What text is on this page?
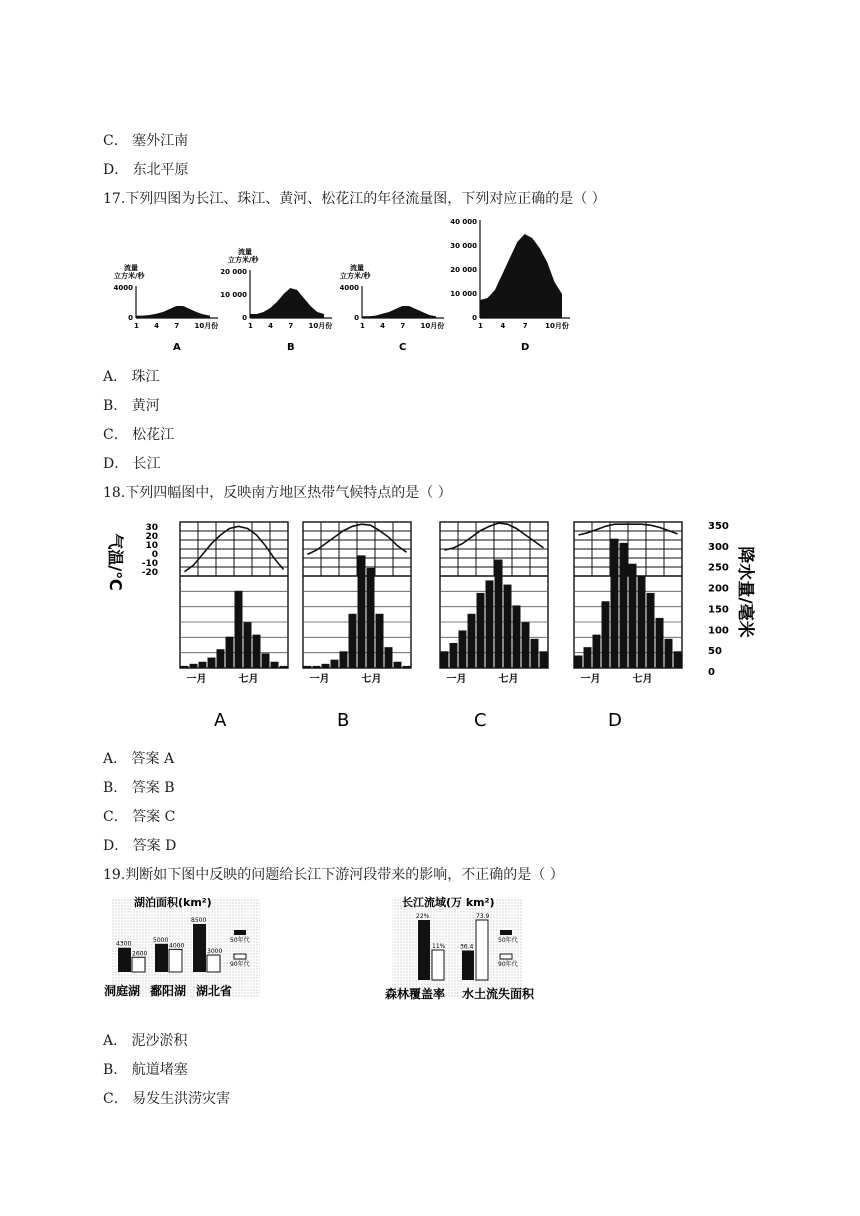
C． 塞外江南
D． 东北平原
17.下列四图为长江、珠江、黄河、松花江的年径流量图，下列对应正确的是（ ）
流量
立方米/秒
4000
0
1 4 7 10月份
A
流量
立方米/秒
20 000
10 000
0
1 4 7 10月份
B
流量
立方米/秒
4000
0
1 4 7 10月份
C
40 000
30 000
20 000
10 000
0
1 4 7 10月份
D
A． 珠江
B． 黄河
C． 松花江
D． 长江
18.下列四幅图中，反映南方地区热带气候特点的是（ ）
气温/℃
30
20
10
0
-10
-20
350
300
250
200
150
100
50
0
降水量/毫米
一月	七月
A
一月	七月
B
一月	七月
C
一月	七月
D
A． 答案 A
B． 答案 B
C． 答案 C
D． 答案 D
19.判断如下图中反映的问题给长江下游河段带来的影响，不正确的是（ ）
湖泊面积(km²)
4300
2600
5000
4000
8500
3000
洞庭湖 鄱阳湖 湖北省
50年代
90年代
长江流域(万 km²)
22%
11% 36.4
73.9
森林覆盖率 水土流失面积
50年代
90年代
A． 泥沙淤积
B． 航道堵塞
C． 易发生洪涝灾害
